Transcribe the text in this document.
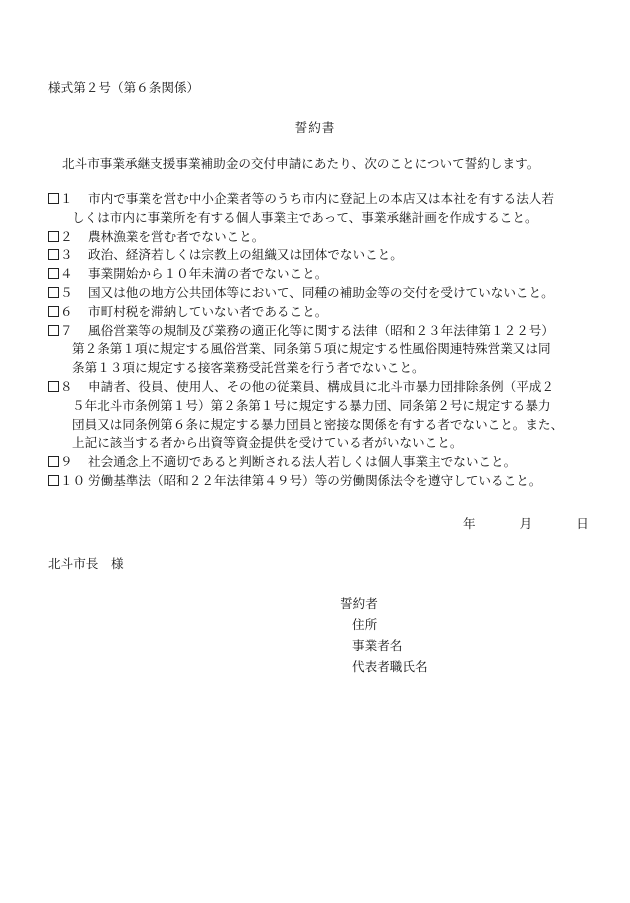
様式第２号（第６条関係）
誓約書
北斗市事業承継支援事業補助金の交付申請にあたり、次のことについて誓約します。
１ 市内で事業を営む中小企業者等のうち市内に登記上の本店又は本社を有する法人若
しくは市内に事業所を有する個人事業主であって、事業承継計画を作成すること。
２ 農林漁業を営む者でないこと。
３ 政治、経済若しくは宗教上の組織又は団体でないこと。
４ 事業開始から１０年未満の者でないこと。
５ 国又は他の地方公共団体等において、同種の補助金等の交付を受けていないこと。
６ 市町村税を滞納していない者であること。
７ 風俗営業等の規制及び業務の適正化等に関する法律（昭和２３年法律第１２２号）
第２条第１項に規定する風俗営業、同条第５項に規定する性風俗関連特殊営業又は同
条第１３項に規定する接客業務受託営業を行う者でないこと。
８ 申請者、役員、使用人、その他の従業員、構成員に北斗市暴力団排除条例（平成２
５年北斗市条例第１号）第２条第１号に規定する暴力団、同条第２号に規定する暴力
団員又は同条例第６条に規定する暴力団員と密接な関係を有する者でないこと。また、
上記に該当する者から出資等資金提供を受けている者がいないこと。
９ 社会通念上不適切であると判断される法人若しくは個人事業主でないこと。
１０ 労働基準法（昭和２２年法律第４９号）等の労働関係法令を遵守していること。
年	月	日
北斗市長　様
誓約者
住所
事業者名
代表者職氏名
